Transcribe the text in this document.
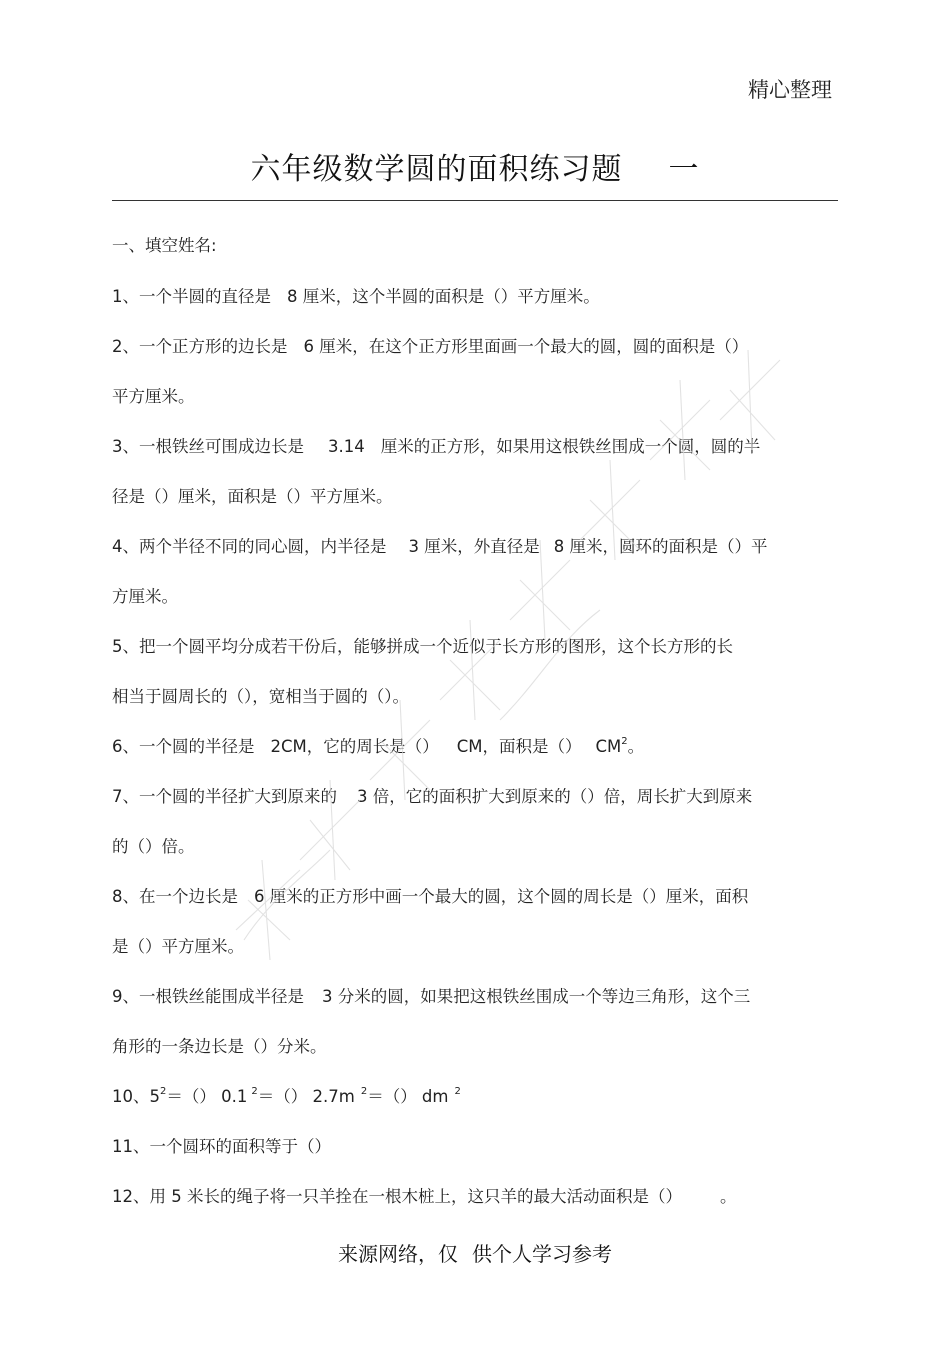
精心整理
六年级数学圆的面积练习题 一
一、填空姓名:
1、一个半圆的直径是 8 厘米，这个半圆的面积是（）平方厘米。
2、一个正方形的边长是 6 厘米，在这个正方形里面画一个最大的圆，圆的面积是（）
平方厘米。
3、一根铁丝可围成边长是 3.14 厘米的正方形，如果用这根铁丝围成一个圆，圆的半
径是（）厘米，面积是（）平方厘米。
4、两个半径不同的同心圆，内半径是 3 厘米，外直径是 8 厘米，圆环的面积是（）平
方厘米。
5、把一个圆平均分成若干份后，能够拼成一个近似于长方形的图形，这个长方形的长
相当于圆周长的（），宽相当于圆的（）。
6、一个圆的半径是 2CM，它的周长是（） CM，面积是（） $CM^2$。
7、一个圆的半径扩大到原来的 3 倍，它的面积扩大到原来的（）倍，周长扩大到原来
的（）倍。
8、在一个边长是 6 厘米的正方形中画一个最大的圆，这个圆的周长是（）厘米，面积
是（）平方厘米。
9、一根铁丝能围成半径是 3 分米的圆，如果把这根铁丝围成一个等边三角形，这个三
角形的一条边长是（）分米。
10、$5^2=()$ 0.1 $^2$＝（） 2.7m $^2$＝（） dm $^2$
11、一个圆环的面积等于（）
12、用 5 米长的绳子将一只羊拴在一根木桩上，这只羊的最大活动面积是（） 。
来源网络，仅 供个人学习参考
